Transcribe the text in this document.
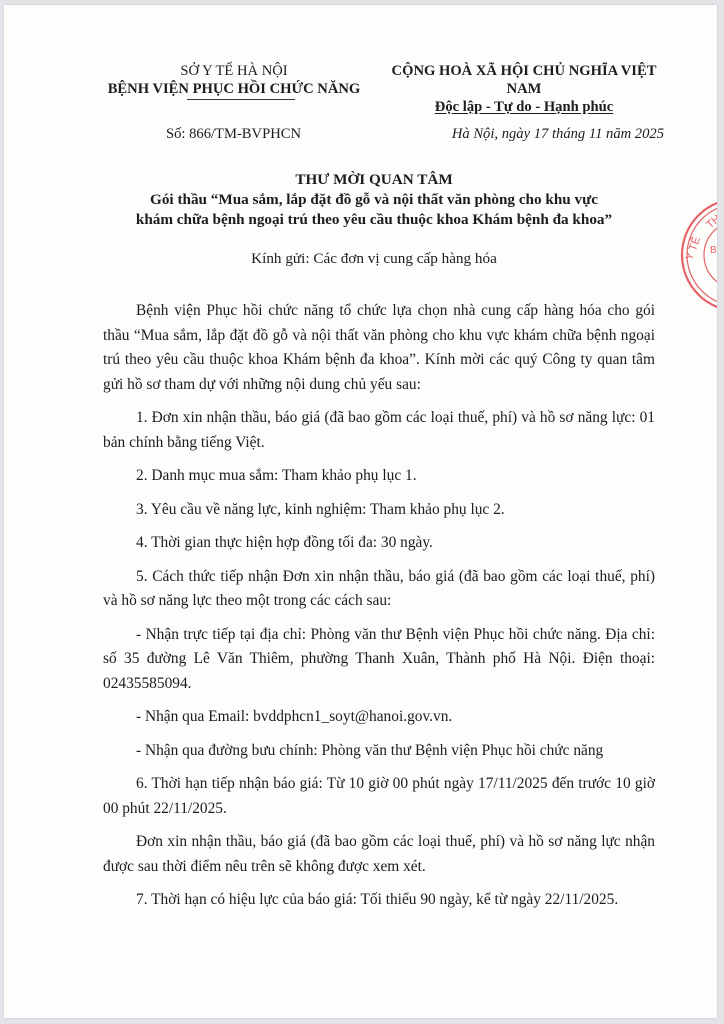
SỞ Y TẾ HÀ NỘI
BỆNH VIỆN PHỤC HỒI CHỨC NĂNG
CỘNG HOÀ XÃ HỘI CHỦ NGHĨA VIỆT NAM
Độc lập - Tự do - Hạnh phúc
Số: 866/TM-BVPHCN	Hà Nội, ngày 17 tháng 11 năm 2025
THƯ MỜI QUAN TÂM
Gói thầu “Mua sắm, lắp đặt đồ gỗ và nội thất văn phòng cho khu vực
khám chữa bệnh ngoại trú theo yêu cầu thuộc khoa Khám bệnh đa khoa”
Kính gửi: Các đơn vị cung cấp hàng hóa

Bệnh viện Phục hồi chức năng tổ chức lựa chọn nhà cung cấp hàng hóa cho gói thầu “Mua sắm, lắp đặt đồ gỗ và nội thất văn phòng cho khu vực khám chữa bệnh ngoại trú theo yêu cầu thuộc khoa Khám bệnh đa khoa”. Kính mời các quý Công ty quan tâm gửi hồ sơ tham dự với những nội dung chủ yếu sau:

1. Đơn xin nhận thầu, báo giá (đã bao gồm các loại thuế, phí) và hồ sơ năng lực: 01 bản chính bằng tiếng Việt.

2. Danh mục mua sắm: Tham khảo phụ lục 1.

3. Yêu cầu về năng lực, kinh nghiệm: Tham khảo phụ lục 2.

4. Thời gian thực hiện hợp đồng tối đa: 30 ngày.

5. Cách thức tiếp nhận Đơn xin nhận thầu, báo giá (đã bao gồm các loại thuế, phí) và hồ sơ năng lực theo một trong các cách sau:

- Nhận trực tiếp tại địa chỉ: Phòng văn thư Bệnh viện Phục hồi chức năng. Địa chỉ: số 35 đường Lê Văn Thiêm, phường Thanh Xuân, Thành phố Hà Nội. Điện thoại: 02435585094.

- Nhận qua Email: bvddphcn1_soyt@hanoi.gov.vn.

- Nhận qua đường bưu chính: Phòng văn thư Bệnh viện Phục hồi chức năng

6. Thời hạn tiếp nhận báo giá: Từ 10 giờ 00 phút ngày 17/11/2025 đến trước 10 giờ 00 phút 22/11/2025.

Đơn xin nhận thầu, báo giá (đã bao gồm các loại thuế, phí) và hồ sơ năng lực nhận được sau thời điểm nêu trên sẽ không được xem xét.

7. Thời hạn có hiệu lực của báo giá: Tối thiểu 90 ngày, kể từ ngày 22/11/2025.

Y TẾ
TH
B
